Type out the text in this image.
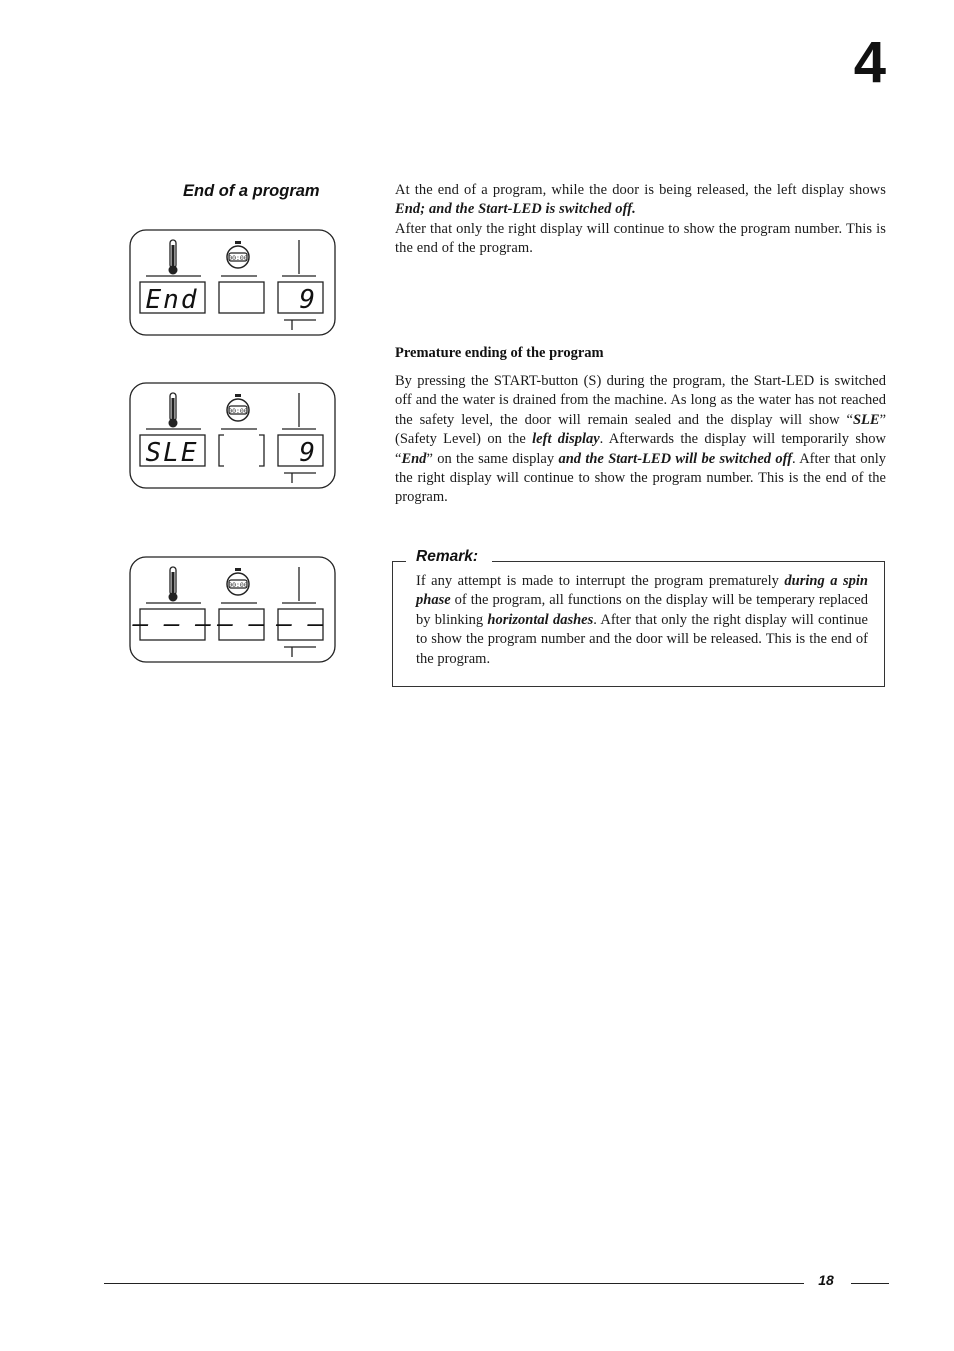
4
End of a program	At the end of a program, while the door is being released, the left display shows End; and the Start-LED is switched off.

After that only the right display will continue to show the program number. This is the end of the program.

Premature ending of the program

By pressing the START-button (S) during the program, the Start-LED is switched off and the water is drained from the machine. As long as the water has not reached the safety level, the door will remain sealed and the display will show “SLE” (Safety Level) on the left display. Afterwards the display will temporarily show “End” on the same display and the Start-LED will be switched off. After that only the right display will continue to show the program number. This is the end of the program.

Remark:
If any attempt is made to interrupt the program prematurely during a spin phase of the program, all functions on the display will be temperary replaced by blinking horizontal dashes. After that only the right display will continue to show the program number and the door will be released. This is the end of the program.
00:00
End	9
00:00
SLE	9
00:00
– – – – – – –
18
